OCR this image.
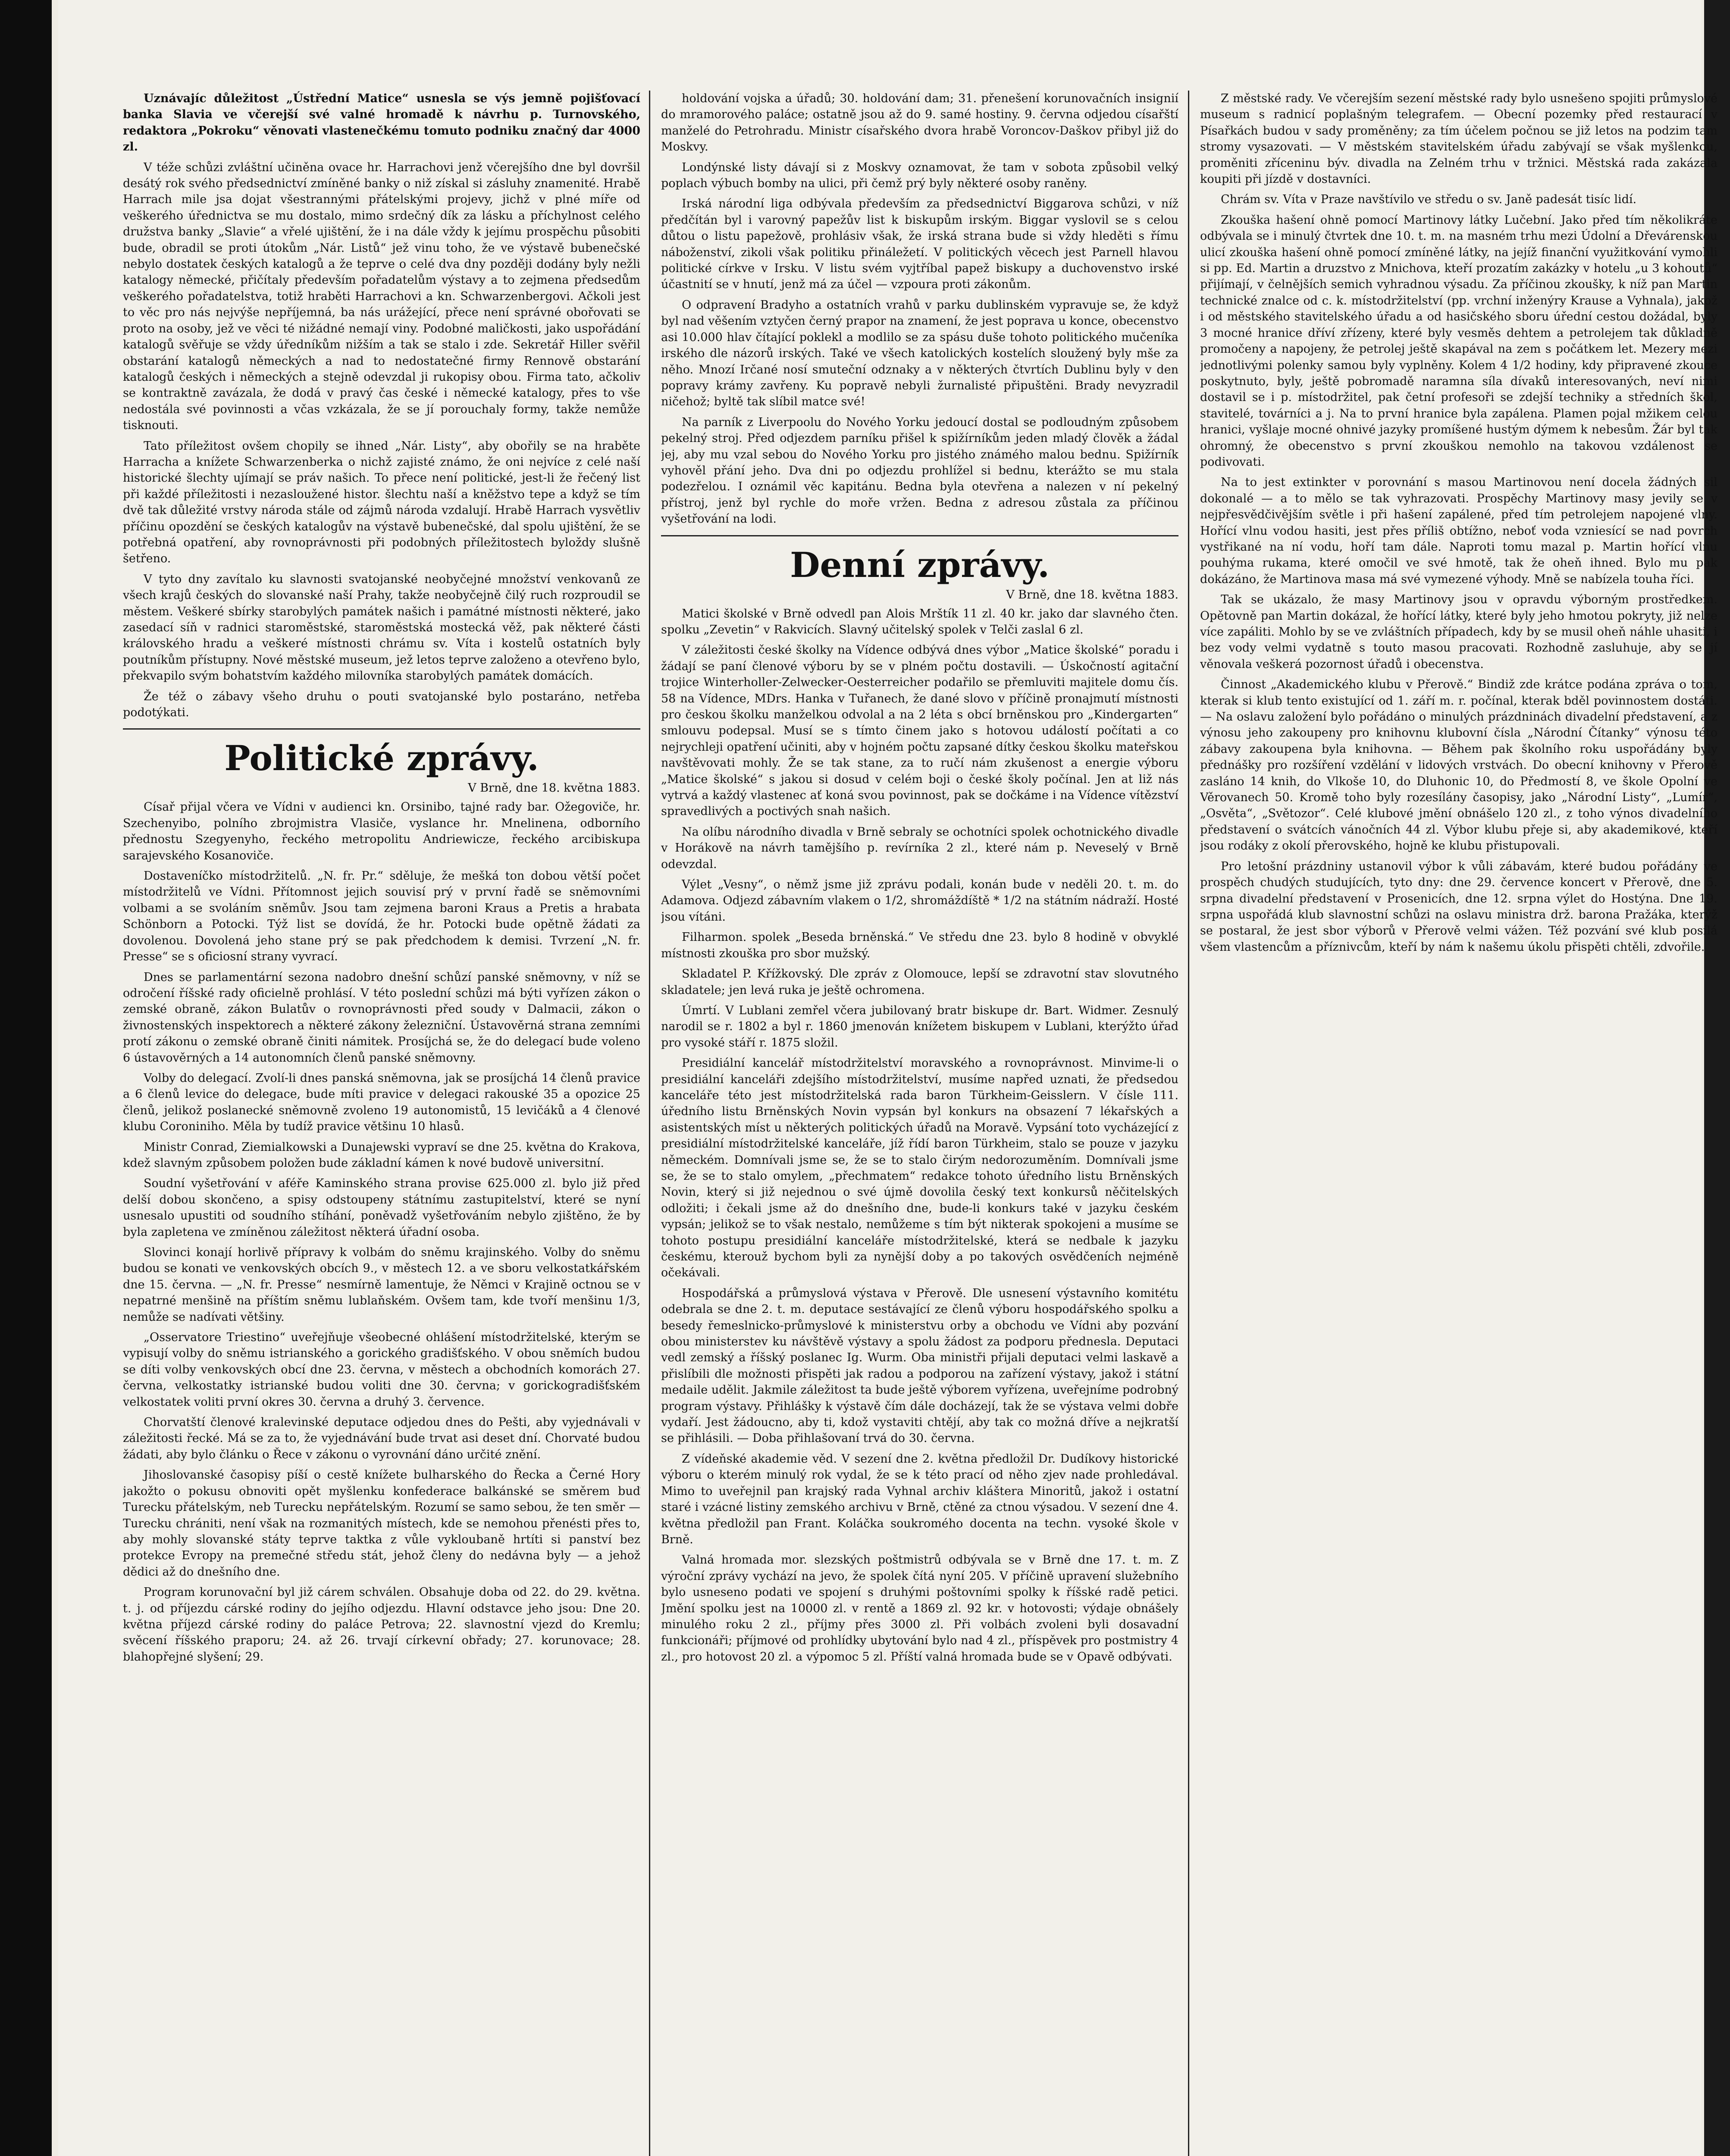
Uznávajíc důležitost „Ústřední Matice“ usnesla se výs jemně pojišťovací banka Slavia ve včerejší své valné hromadě k návrhu p. Turnovského, redaktora „Pokroku“ věnovati vlastenečkému tomuto podniku značný dar 4000 zl.

V téže schůzi zvláštní učiněna ovace hr. Harrachovi jenž včerejšího dne byl dovršil desátý rok svého předsednictví zmíněné banky o niž získal si zásluhy znamenité. Hrabě Harrach mile jsa dojat všestrannými přátelskými projevy, jichž v plné míře od veškerého úřednictva se mu dostalo, mimo srdečný dík za lásku a příchylnost celého družstva banky „Slavie“ a vřelé ujištění, že i na dále vždy k jejímu prospěchu působiti bude, obradil se proti útokům „Nár. Listů“ jež vinu toho, že ve výstavě bubenečské nebylo dostatek českých katalogů a že teprve o celé dva dny později dodány byly nežli katalogy německé, přičítaly především pořadatelům výstavy a to zejmena předsedům veškerého pořadatelstva, totiž hraběti Harrachovi a kn. Schwarzenbergovi. Ačkoli jest to věc pro nás nejvýše nepříjemná, ba nás urážející, přece není správné obořovati se proto na osoby, jež ve věci té nižádné nemají viny. Podobné maličkosti, jako uspořádání katalogů svěřuje se vždy úředníkům nižším a tak se stalo i zde. Sekretář Hiller svěřil obstarání katalogů německých a nad to nedostatečné firmy Rennově obstarání katalogů českých i německých a stejně odevzdal ji rukopisy obou. Firma tato, ačkoliv se kontraktně zavázala, že dodá v pravý čas české i německé katalogy, přes to vše nedostála své povinnosti a včas vzkázala, že se jí porouchaly formy, takže nemůže tisknouti.

Tato příležitost ovšem chopily se ihned „Nár. Listy“, aby obořily se na hraběte Harracha a knížete Schwarzenberka o nichž zajisté známo, že oni nejvíce z celé naší historické šlechty ujímají se práv našich. To přece není politické, jest-li že řečený list při každé příležitosti i nezasloužené histor. šlechtu naší a kněžstvo tepe a když se tím dvě tak důležité vrstvy národa stále od zájmů národa vzdalují. Hrabě Harrach vysvětliv příčinu opozdění se českých katalogův na výstavě bubenečské, dal spolu ujištění, že se potřebná opatření, aby rovnoprávnosti při podobných příležitostech byloždy slušně šetřeno.

V tyto dny zavítalo ku slavnosti svatojanské neobyčejné množství venkovanů ze všech krajů českých do slovanské naší Prahy, takže neobyčejně čilý ruch rozproudil se městem. Veškeré sbírky starobylých památek našich i památné místnosti některé, jako zasedací síň v radnici staroměstské, staroměstská mostecká věž, pak některé části královského hradu a veškeré místnosti chrámu sv. Víta i kostelů ostatních byly poutníkům přístupny. Nové městské museum, jež letos teprve založeno a otevřeno bylo, překvapilo svým bohatstvím každého milovníka starobylých památek domácích.

Že též o zábavy všeho druhu o pouti svatojanské bylo postaráno, netřeba podotýkati.

Politické zprávy.
V Brně, dne 18. května 1883.

Císař přijal včera ve Vídni v audienci kn. Orsinibo, tajné rady bar. Ožegoviče, hr. Szechenyibo, polního zbrojmistra Vlasiče, vyslance hr. Mnelinena, odborního přednostu Szegyenyho, řeckého metropolitu Andriewicze, řeckého arcibiskupa sarajevského Kosanoviče.

Dostaveníčko místodržitelů. „N. fr. Pr.“ sděluje, že mešká ton dobou větší počet místodržitelů ve Vídni. Přítomnost jejich souvisí prý v první řadě se sněmovními volbami a se svoláním sněmův. Jsou tam zejmena baroni Kraus a Pretis a hrabata Schönborn a Potocki. Týž list se dovídá, že hr. Potocki bude opětně žádati za dovolenou. Dovolená jeho stane prý se pak předchodem k demisi. Tvrzení „N. fr. Presse“ se s oficiosní strany vyvrací.

Dnes se parlamentární sezona nadobro dnešní schůzí panské sněmovny, v níž se odročení říšské rady oficielně prohlásí. V této poslední schůzi má býti vyřízen zákon o zemské obraně, zákon Bulatův o rovnoprávnosti před soudy v Dalmacii, zákon o živnostenských inspektorech a některé zákony železniční. Ústavověrná strana zemními protí zákonu o zemské obraně činiti námitek. Prosíjchá se, že do delegací bude voleno 6 ústavověrných a 14 autonomních členů panské sněmovny.

Volby do delegací. Zvolí-li dnes panská sněmovna, jak se prosíjchá 14 členů pravice a 6 členů levice do delegace, bude míti pravice v delegaci rakouské 35 a opozice 25 členů, jelikož poslanecké sněmovně zvoleno 19 autonomistů, 15 levičáků a 4 členové klubu Coroniniho. Měla by tudíž pravice většinu 10 hlasů.

Ministr Conrad, Ziemialkowski a Dunajewski vypraví se dne 25. května do Krakova, kdež slavným způsobem položen bude základní kámen k nové budově universitní.

Soudní vyšetřování v aféře Kaminského strana provise 625.000 zl. bylo již před delší dobou skončeno, a spisy odstoupeny státnímu zastupitelství, které se nyní usnesalo upustiti od soudního stíhání, poněvadž vyšetřováním nebylo zjištěno, že by byla zapletena ve zmíněnou záležitost některá úřadní osoba.

Slovinci konají horlivě přípravy k volbám do sněmu krajinského. Volby do sněmu budou se konati ve venkovských obcích 9., v městech 12. a ve sboru velkostatkářském dne 15. června. — „N. fr. Presse“ nesmírně lamentuje, že Němci v Krajině octnou se v nepatrné menšině na příštím sněmu lublaňském. Ovšem tam, kde tvoří menšinu 1/3, nemůže se nadívati většiny.

„Osservatore Triestino“ uveřejňuje všeobecné ohlášení místodržitelské, kterým se vypisují volby do sněmu istrianského a gorického gradišťského. V obou sněmích budou se díti volby venkovských obcí dne 23. června, v městech a obchodních komorách 27. června, velkostatky istrianské budou voliti dne 30. června; v gorickogradišťském velkostatek voliti první okres 30. června a druhý 3. července.

Chorvatští členové kralevinské deputace odjedou dnes do Pešti, aby vyjednávali v záležitosti řecké. Má se za to, že vyjednávání bude trvat asi deset dní. Chorvaté budou žádati, aby bylo článku o Řece v zákonu o vyrovnání dáno určité znění.

Jihoslovanské časopisy píší o cestě knížete bulharského do Řecka a Černé Hory jakožto o pokusu obnoviti opět myšlenku konfederace balkánské se směrem buď Turecku přátelským, neb Turecku nepřátelským. Rozumí se samo sebou, že ten směr — Turecku chrániti, není však na rozmanitých místech, kde se nemohou přenésti přes to, aby mohly slovanské státy teprve taktka z vůle vykloubaně hrtíti si panství bez protekce Evropy na premečné středu stát, jehož členy do nedávna byly — a jehož dědici až do dnešního dne.

Program korunovační byl již cárem schválen. Obsahuje doba od 22. do 29. května. t. j. od příjezdu cárské rodiny do jejího odjezdu. Hlavní odstavce jeho jsou: Dne 20. května příjezd cárské rodiny do paláce Petrova; 22. slavnostní vjezd do Kremlu; svěcení říšského praporu; 24. až 26. trvají církevní obřady; 27. korunovace; 28. blahopřejné slyšení; 29.

holdování vojska a úřadů; 30. holdování dam; 31. přenešení korunovačních insignií do mramorového paláce; ostatně jsou až do 9. samé hostiny. 9. června odjedou císařští manželé do Petrohradu. Ministr císařského dvora hrabě Voroncov-Daškov přibyl již do Moskvy.

Londýnské listy dávají si z Moskvy oznamovat, že tam v sobota způsobil velký poplach výbuch bomby na ulici, při čemž prý byly některé osoby raněny.

Irská národní liga odbývala především za předsednictví Biggarova schůzi, v níž předčítán byl i varovný papežův list k biskupům irským. Biggar vyslovil se s celou důtou o listu papežově, prohlásiv však, že irská strana bude si vždy hleděti s římu náboženství, zikoli však politiku přináležetí. V politických věcech jest Parnell hlavou politické církve v Irsku. V listu svém vyjtříbal papež biskupy a duchovenstvo irské účastnití se v hnutí, jenž má za účel — vzpoura proti zákonům.

O odpravení Bradyho a ostatních vrahů v parku dublinském vypravuje se, že když byl nad věšením vztyčen černý prapor na znamení, že jest poprava u konce, obecenstvo asi 10.000 hlav čítající poklekl a modlilo se za spásu duše tohoto politického mučeníka irského dle názorů irských. Také ve všech katolických kostelích sloužený byly mše za něho. Mnozí Irčané nosí smuteční odznaky a v některých čtvrtích Dublinu byly v den popravy krámy zavřeny. Ku popravě nebyli žurnalisté připuštěni. Brady nevyzradil ničehož; byltě tak slíbil matce své!

Na parník z Liverpoolu do Nového Yorku jedoucí dostal se podloudným způsobem pekelný stroj. Před odjezdem parníku přišel k spižírníkům jeden mladý člověk a žádal jej, aby mu vzal sebou do Nového Yorku pro jistého známého malou bednu. Spižírník vyhověl přání jeho. Dva dni po odjezdu prohlížel si bednu, kterážto se mu stala podezřelou. I oznámil věc kapitánu. Bedna byla otevřena a nalezen v ní pekelný přístroj, jenž byl rychle do moře vržen. Bedna z adresou zůstala za příčinou vyšetřování na lodi.

Denní zprávy.
V Brně, dne 18. května 1883.

Matici školské v Brně odvedl pan Alois Mrštík 11 zl. 40 kr. jako dar slavného čten. spolku „Zevetin“ v Rakvicích. Slavný učitelský spolek v Telči zaslal 6 zl.

V záležitosti české školky na Vídence odbývá dnes výbor „Matice školské“ poradu i žádají se paní členové výboru by se v plném počtu dostavili. — Úskočností agitační trojice Winterholler-Zelwecker-Oesterreicher podařilo se přemluviti majitele domu čís. 58 na Vídence, MDrs. Hanka v Tuřanech, že dané slovo v příčině pronajmutí místnosti pro českou školku manželkou odvolal a na 2 léta s obcí brněnskou pro „Kindergarten“ smlouvu podepsal. Musí se s tímto činem jako s hotovou událostí počítati a co nejrychleji opatření učiniti, aby v hojném počtu zapsané dítky českou školku mateřskou navštěvovati mohly. Že se tak stane, za to ručí nám zkušenost a energie výboru „Matice školské“ s jakou si dosud v celém boji o české školy počínal. Jen at liž nás vytrvá a každý vlastenec ať koná svou povinnost, pak se dočkáme i na Vídence vítězství spravedlivých a poctivých snah našich.

Na olíbu národního divadla v Brně sebraly se ochotníci spolek ochotnického divadle v Horákově na návrh tamějšího p. revírníka 2 zl., které nám p. Neveselý v Brně odevzdal.

Výlet „Vesny“, o němž jsme již zprávu podali, konán bude v neděli 20. t. m. do Adamova. Odjezd zábavním vlakem o 1/2, shromáždíště * 1/2 na státním nádraží. Hosté jsou vítáni.

Filharmon. spolek „Beseda brněnská.“ Ve středu dne 23. bylo 8 hodině v obvyklé místnosti zkouška pro sbor mužský.

Skladatel P. Křížkovský. Dle zpráv z Olomouce, lepší se zdravotní stav slovutného skladatele; jen levá ruka je ještě ochromena.

Úmrtí. V Lublani zemřel včera jubilovaný bratr biskupe dr. Bart. Widmer. Zesnulý narodil se r. 1802 a byl r. 1860 jmenován knížetem biskupem v Lublani, kterýžto úřad pro vysoké stáří r. 1875 složil.

Presidiální kancelář místodržitelství moravského a rovnoprávnost. Minvime-li o presidiální kanceláři zdejšího místodržitelství, musíme napřed uznati, že předsedou kanceláře této jest místodržitelská rada baron Türkheim-Geisslern. V čísle 111. úředního listu Brněnských Novin vypsán byl konkurs na obsazení 7 lékařských a asistentských míst u některých politických úřadů na Moravě. Vypsání toto vycházející z presidiální místodržitelské kanceláře, jíž řídí baron Türkheim, stalo se pouze v jazyku německém. Domnívali jsme se, že se to stalo čirým nedorozuměním. Domnívali jsme se, že se to stalo omylem, „přechmatem“ redakce tohoto úředního listu Brněnských Novin, který si již nejednou o své újmě dovolila český text konkursů něčitelských odložiti; i čekali jsme až do dnešního dne, bude-li konkurs také v jazyku českém vypsán; jelikož se to však nestalo, nemůžeme s tím být nikterak spokojeni a musíme se tohoto postupu presidiální kanceláře místodržitelské, která se nedbale k jazyku českému, kterouž bychom byli za nynější doby a po takových osvědčeních nejméně očekávali.

Hospodářská a průmyslová výstava v Přerově. Dle usnesení výstavního komitétu odebrala se dne 2. t. m. deputace sestávající ze členů výboru hospodářského spolku a besedy řemeslnicko-průmyslové k ministerstvu orby a obchodu ve Vídni aby pozvání obou ministerstev ku návštěvě výstavy a spolu žádost za podporu přednesla. Deputaci vedl zemský a říšský poslanec Ig. Wurm. Oba ministři přijali deputaci velmi laskavě a přislíbili dle možnosti přispěti jak radou a podporou na zařízení výstavy, jakož i státní medaile udělit. Jakmile záležitost ta bude ještě výborem vyřízena, uveřejníme podrobný program výstavy. Přihlášky k výstavě čím dále docházejí, tak že se výstava velmi dobře vydaří. Jest žádoucno, aby ti, kdož vystaviti chtějí, aby tak co možná dříve a nejkratší se přihlásili. — Doba přihlašovaní trvá do 30. června.

Z vídeňské akademie věd. V sezení dne 2. května předložil Dr. Dudíkovy historické výboru o kterém minulý rok vydal, že se k této prací od něho zjev nade prohledával. Mimo to uveřejnil pan krajský rada Vyhnal archiv kláštera Minoritů, jakož i ostatní staré i vzácné listiny zemského archivu v Brně, ctěné za ctnou výsadou. V sezení dne 4. května předložil pan Frant. Koláčka soukromého docenta na techn. vysoké škole v Brně.

Valná hromada mor. slezských poštmistrů odbývala se v Brně dne 17. t. m. Z výroční zprávy vychází na jevo, že spolek čítá nyní 205. V příčině upravení služebního bylo usneseno podati ve spojení s druhými poštovními spolky k říšské radě petici. Jmění spolku jest na 10000 zl. v rentě a 1869 zl. 92 kr. v hotovosti; výdaje obnášely minulého roku 2 zl., příjmy přes 3000 zl. Při volbách zvoleni byli dosavadní funkcionáři; příjmové od prohlídky ubytování bylo nad 4 zl., příspěvek pro postmistry 4 zl., pro hotovost 20 zl. a výpomoc 5 zl. Příští valná hromada bude se v Opavě odbývati.

Z městské rady. Ve včerejším sezení městské rady bylo usnešeno spojiti průmyslové museum s radnicí poplašným telegrafem. — Obecní pozemky před restaurací v Písařkách budou v sady proměněny; za tím účelem počnou se již letos na podzim tam stromy vysazovati. — V městském stavitelském úřadu zabývají se však myšlenkou, proměniti zříceninu býv. divadla na Zelném trhu v tržnici. Městská rada zakázala koupiti při jízdě v dostavníci.

Chrám sv. Víta v Praze navštívilo ve středu o sv. Janě padesát tisíc lidí.

Zkouška hašení ohně pomocí Martinovy látky Lučební. Jako před tím několikráte odbývala se i minulý čtvrtek dne 10. t. m. na masném trhu mezi Údolní a Dřevárenskou ulicí zkouška hašení ohně pomocí zmíněné látky, na jejíž finanční využitkování vymohli si pp. Ed. Martin a druzstvo z Mnichova, kteří prozatím zakázky v hotelu „u 3 kohoutů“ přijímají, v čelnějších semich vyhradnou výsadu. Za příčinou zkoušky, k níž pan Martin technické znalce od c. k. místodržitelství (pp. vrchní inženýry Krause a Vyhnala), jakož i od městského stavitelského úřadu a od hasičského sboru úřední cestou dožádal, byly 3 mocné hranice dříví zřízeny, které byly vesměs dehtem a petrolejem tak důkladně promočeny a napojeny, že petrolej ještě skapával na zem s počátkem let. Mezery mezi jednotlivými polenky samou byly vyplněny. Kolem 4 1/2 hodiny, kdy připravené zkouce poskytnuto, byly, ještě pobromadě naramna síla dívaků interesovaných, neví nimi dostavil se i p. místodržitel, pak četní profesoři se zdejší techniky a středních škol, stavitelé, továrníci a j. Na to první hranice byla zapálena. Plamen pojal mžikem celou hranici, vyšlaje mocné ohnivé jazyky promíšené hustým dýmem k nebesům. Žár byl tak ohromný, že obecenstvo s první zkouškou nemohlo na takovou vzdálenost se podivovati.

Na to jest extinkter v porovnání s masou Martinovou není docela žádných sil dokonalé — a to mělo se tak vyhrazovati. Prospěchy Martinovy masy jevily se v nejpřesvědčivějším světle i při hašení zapálené, před tím petrolejem napojené vlny. Hořící vlnu vodou hasiti, jest přes příliš obtížno, neboť voda vzniesící se nad povrch vystřikané na ní vodu, hoří tam dále. Naproti tomu mazal p. Martin hořící vlnu pouhýma rukama, které omočil ve své hmotě, tak že oheň ihned. Bylo mu pak dokázáno, že Martinova masa má své vymezené výhody. Mně se nabízela touha říci.

Tak se ukázalo, že masy Martinovy jsou v opravdu výborným prostředkem. Opětovně pan Martin dokázal, že hořící látky, které byly jeho hmotou pokryty, již nelze více zapáliti. Mohlo by se ve zvláštních případech, kdy by se musil oheň náhle uhasiti, i bez vody velmi vydatně s touto masou pracovati. Rozhodně zasluhuje, aby se jí věnovala veškerá pozornost úřadů i obecenstva.

Činnost „Akademického klubu v Přerově.“ Bindiž zde krátce podána zpráva o tom, kterak si klub tento existující od 1. září m. r. počínal, kterak bděl povinnostem dostáti. — Na oslavu založení bylo pořádáno o minulých prázdninách divadelní představení, a z výnosu jeho zakoupeny pro knihovnu klubovní čísla „Národní Čítanky“ výnosu této zábavy zakoupena byla knihovna. — Během pak školního roku uspořádány byly přednášky pro rozšíření vzdělání v lidových vrstvách. Do obecní knihovny v Přerově zasláno 14 knih, do Vlkoše 10, do Dluhonic 10, do Předmostí 8, ve škole Opolní ve Věrovanech 50. Kromě toho byly rozesílány časopisy, jako „Národní Listy“, „Lumír“, „Osvěta“, „Světozor“. Celé klubové jmění obnášelo 120 zl., z toho výnos divadelního představení o svátcích vánočních 44 zl. Výbor klubu přeje si, aby akademikové, kteří jsou rodáky z okolí přerovského, hojně ke klubu přistupovali.

Pro letošní prázdniny ustanovil výbor k vůli zábavám, které budou pořádány ve prospěch chudých studujících, tyto dny: dne 29. července koncert v Přerově, dne 5. srpna divadelní představení v Prosenicích, dne 12. srpna výlet do Hostýna. Dne 19. srpna uspořádá klub slavnostní schůzi na oslavu ministra drž. barona Pražáka, kterýž se postaral, že jest sbor výborů v Přerově velmi vážen. Též pozvání své klub posílá všem vlastencům a příznivcům, kteří by nám k našemu úkolu přispěti chtěli, zdvořile.
